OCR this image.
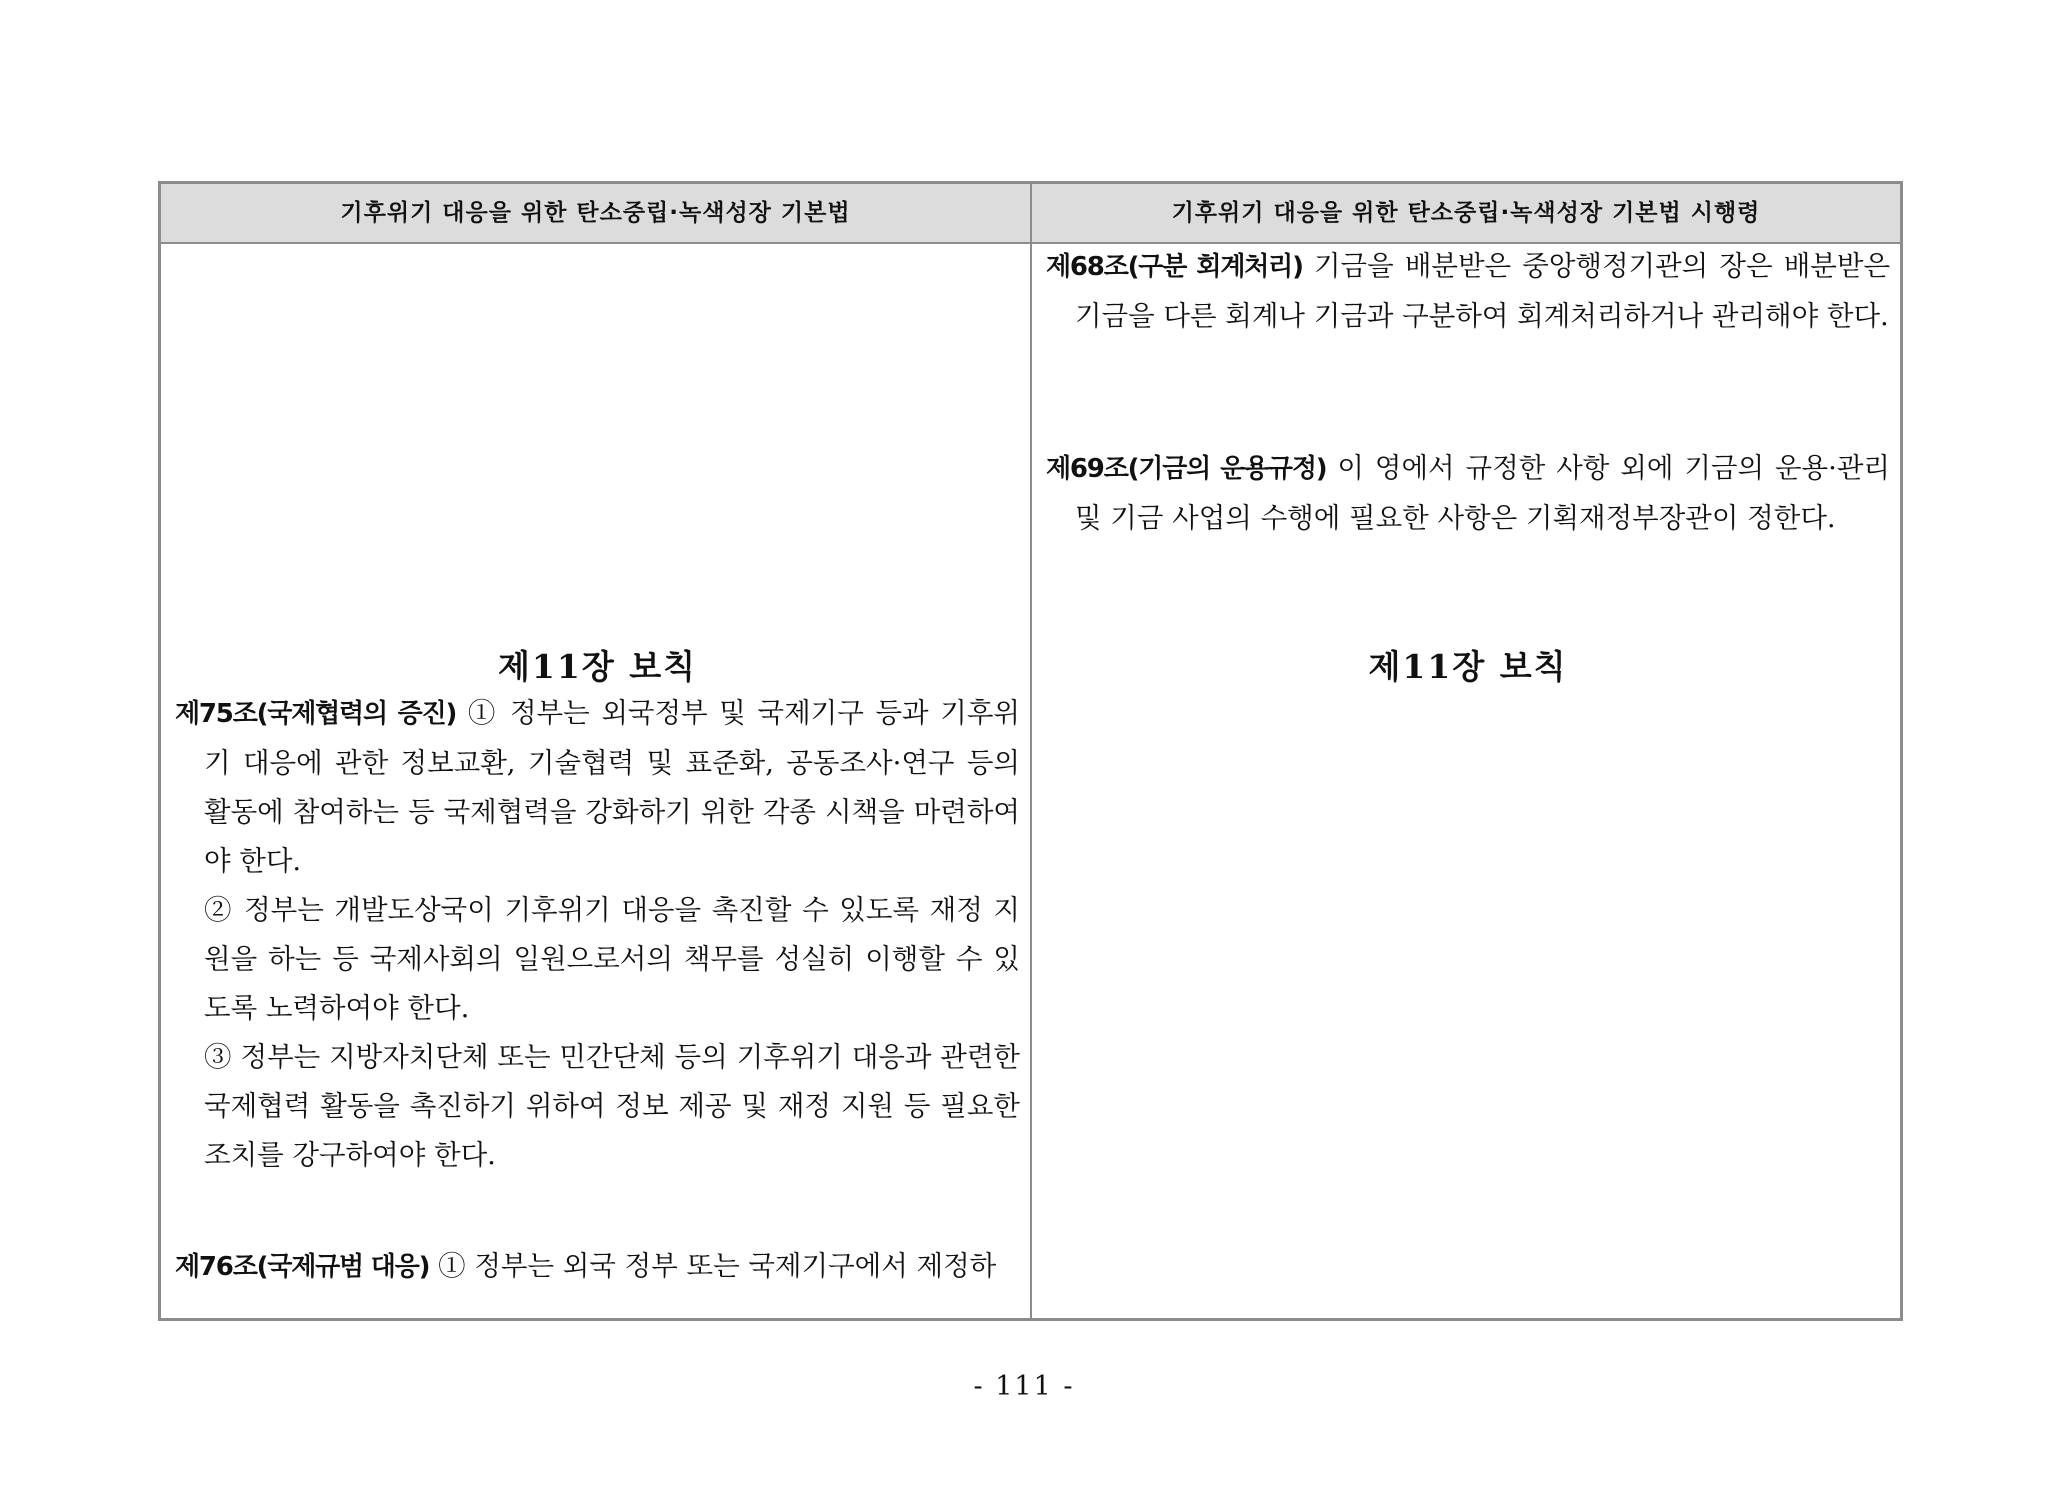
기후위기 대응을 위한 탄소중립·녹색성장 기본법	기후위기 대응을 위한 탄소중립·녹색성장 기본법 시행령
제11장 보칙

제75조(국제협력의 증진) ① 정부는 외국정부 및 국제기구 등과 기후위기 대응에 관한 정보교환, 기술협력 및 표준화, 공동조사·연구 등의 활동에 참여하는 등 국제협력을 강화하기 위한 각종 시책을 마련하여야 한다.

② 정부는 개발도상국이 기후위기 대응을 촉진할 수 있도록 재정 지원을 하는 등 국제사회의 일원으로서의 책무를 성실히 이행할 수 있도록 노력하여야 한다.

③ 정부는 지방자치단체 또는 민간단체 등의 기후위기 대응과 관련한 국제협력 활동을 촉진하기 위하여 정보 제공 및 재정 지원 등 필요한 조치를 강구하여야 한다.

제76조(국제규범 대응) ① 정부는 외국 정부 또는 국제기구에서 제정하

제68조(구분 회계처리) 기금을 배분받은 중앙행정기관의 장은 배분받은 기금을 다른 회계나 기금과 구분하여 회계처리하거나 관리해야 한다.

제69조(기금의 운용규정) 이 영에서 규정한 사항 외에 기금의 운용·관리 및 기금 사업의 수행에 필요한 사항은 기획재정부장관이 정한다.

제11장 보칙
- 111 -
